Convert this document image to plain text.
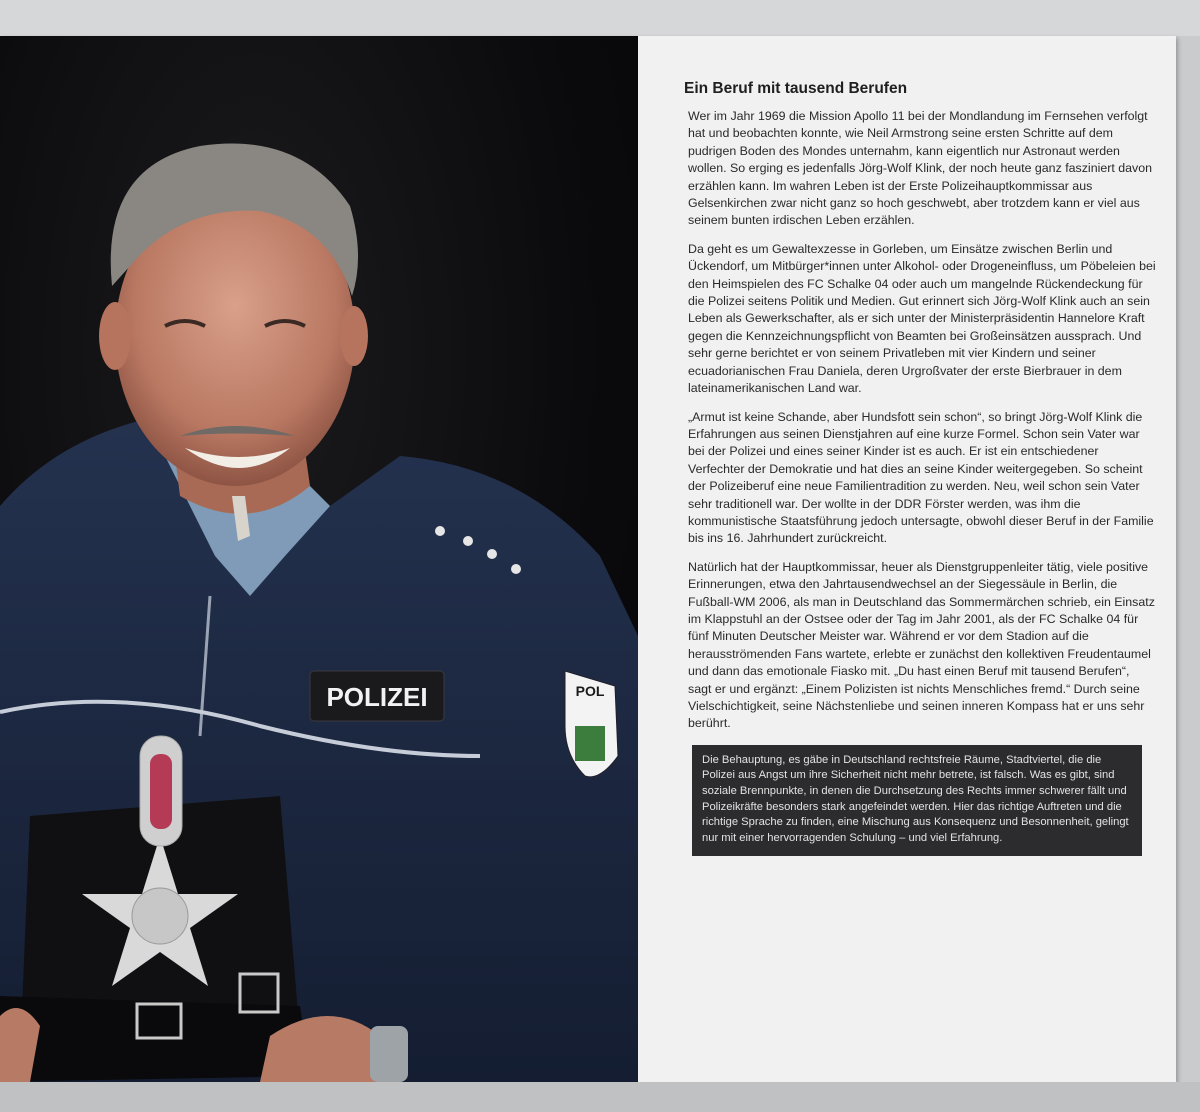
POLIZEI	POL
Ein Beruf mit tausend Berufen

Wer im Jahr 1969 die Mission Apollo 11 bei der Mondlandung im Fernsehen verfolgt hat und beobachten konnte, wie Neil Armstrong seine ersten Schritte auf dem pudrigen Boden des Mondes unternahm, kann eigentlich nur Astronaut werden wollen. So erging es jedenfalls Jörg-Wolf Klink, der noch heute ganz fasziniert davon erzählen kann. Im wahren Leben ist der Erste Polizeihauptkommissar aus Gelsenkirchen zwar nicht ganz so hoch geschwebt, aber trotzdem kann er viel aus seinem bunten irdischen Leben erzählen.

Da geht es um Gewaltexzesse in Gorleben, um Einsätze zwischen Berlin und Ückendorf, um Mitbürger*innen unter Alkohol- oder Drogeneinfluss, um Pöbeleien bei den Heimspielen des FC Schalke 04 oder auch um mangelnde Rückendeckung für die Polizei seitens Politik und Medien. Gut erinnert sich Jörg-Wolf Klink auch an sein Leben als Gewerkschafter, als er sich unter der Ministerpräsidentin Hannelore Kraft gegen die Kennzeichnungspflicht von Beamten bei Großeinsätzen aussprach. Und sehr gerne berichtet er von seinem Privatleben mit vier Kindern und seiner ecuadorianischen Frau Daniela, deren Urgroßvater der erste Bierbrauer in dem lateinamerikanischen Land war.

„Armut ist keine Schande, aber Hundsfott sein schon“, so bringt Jörg-Wolf Klink die Erfahrungen aus seinen Dienstjahren auf eine kurze Formel. Schon sein Vater war bei der Polizei und eines seiner Kinder ist es auch. Er ist ein entschiedener Verfechter der Demokratie und hat dies an seine Kinder weitergegeben. So scheint der Polizeiberuf eine neue Familientradition zu werden. Neu, weil schon sein Vater sehr traditionell war. Der wollte in der DDR Förster werden, was ihm die kommunistische Staatsführung jedoch untersagte, obwohl dieser Beruf in der Familie bis ins 16. Jahrhundert zurückreicht.

Natürlich hat der Hauptkommissar, heuer als Dienstgruppenleiter tätig, viele positive Erinnerungen, etwa den Jahrtausendwechsel an der Siegessäule in Berlin, die Fußball-WM 2006, als man in Deutschland das Sommermärchen schrieb, ein Einsatz im Klappstuhl an der Ostsee oder der Tag im Jahr 2001, als der FC Schalke 04 für fünf Minuten Deutscher Meister war. Während er vor dem Stadion auf die herausströmenden Fans wartete, erlebte er zunächst den kollektiven Freudentaumel und dann das emotionale Fiasko mit. „Du hast einen Beruf mit tausend Berufen“, sagt er und ergänzt: „Einem Polizisten ist nichts Menschliches fremd.“ Durch seine Vielschichtigkeit, seine Nächstenliebe und seinen inneren Kompass hat er uns sehr berührt.

Die Behauptung, es gäbe in Deutschland rechtsfreie Räume, Stadtviertel, die die Polizei aus Angst um ihre Sicherheit nicht mehr betrete, ist falsch. Was es gibt, sind soziale Brennpunkte, in denen die Durchsetzung des Rechts immer schwerer fällt und Polizeikräfte besonders stark angefeindet werden. Hier das richtige Auftreten und die richtige Sprache zu finden, eine Mischung aus Konsequenz und Besonnenheit, gelingt nur mit einer hervorragenden Schulung – und viel Erfahrung.
